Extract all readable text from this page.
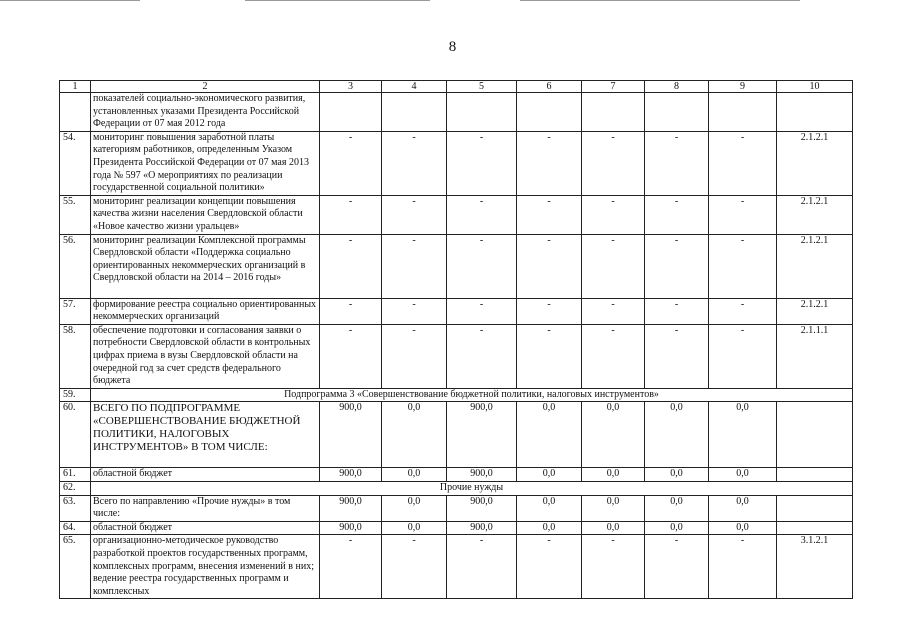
8
1	2	3	4	5	6	7	8	9	10
	показателей социально-экономического развития, установленных указами Президента Российской Федерации от 07 мая 2012 года								
54.	мониторинг повышения заработной платы категориям работников, определенным Указом Президента Российской Федерации от 07 мая 2013 года № 597 «О мероприятиях по реализации государственной социальной политики»	-	-	-	-	-	-	-	2.1.2.1
55.	мониторинг реализации концепции повышения качества жизни населения Свердловской области «Новое качество жизни уральцев»	-	-	-	-	-	-	-	2.1.2.1
56.	мониторинг реализации Комплексной программы Свердловской области «Поддержка социально ориентированных некоммерческих организаций в Свердловской области на 2014 – 2016 годы»	-	-	-	-	-	-	-	2.1.2.1
57.	формирование реестра социально ориентированных некоммерческих организаций	-	-	-	-	-	-	-	2.1.2.1
58.	обеспечение подготовки и согласования заявки о потребности Свердловской области в контрольных цифрах приема в вузы Свердловской области на очередной год за счет средств федерального бюджета	-	-	-	-	-	-	-	2.1.1.1
59.	Подпрограмма 3 «Совершенствование бюджетной политики, налоговых инструментов»								
60.	ВСЕГО ПО ПОДПРОГРАММЕ «СОВЕРШЕНСТВОВАНИЕ БЮДЖЕТНОЙ ПОЛИТИКИ, НАЛОГОВЫХ ИНСТРУМЕНТОВ» В ТОМ ЧИСЛЕ:	900,0	0,0	900,0	0,0	0,0	0,0	0,0	
61.	областной бюджет	900,0	0,0	900,0	0,0	0,0	0,0	0,0	
62.	Прочие нужды								
63.	Всего по направлению «Прочие нужды» в том числе:	900,0	0,0	900,0	0,0	0,0	0,0	0,0	
64.	областной бюджет	900,0	0,0	900,0	0,0	0,0	0,0	0,0	
65.	организационно-методическое руководство разработкой проектов государственных программ, комплексных программ, внесения изменений в них; ведение реестра государственных программ и комплексных	-	-	-	-	-	-	-	3.1.2.1
